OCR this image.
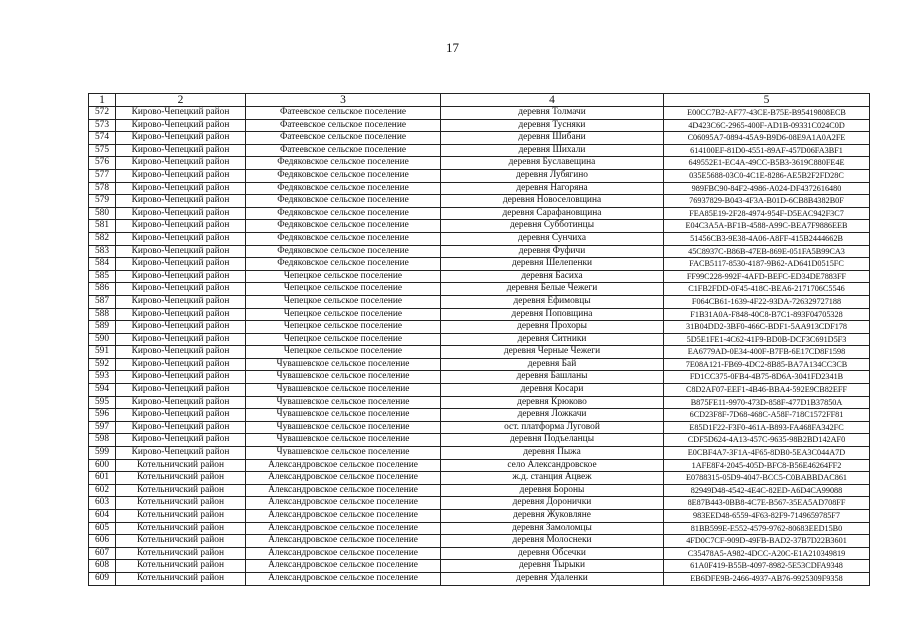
17
1	2	3	4	5
572	Кирово-Чепецкий район	Фатеевское сельское поселение	деревня Толмачи	E00CC7B2-AF77-43CE-B75E-B95419808ECB
573	Кирово-Чепецкий район	Фатеевское сельское поселение	деревня Тусняки	4D423C6C-2965-400F-AD1B-09331C024C0D
574	Кирово-Чепецкий район	Фатеевское сельское поселение	деревня Шибани	C06095A7-0894-45A9-B9D6-08E9A1A0A2FE
575	Кирово-Чепецкий район	Фатеевское сельское поселение	деревня Шихали	614100EF-81D0-4551-89AF-457D06FA3BF1
576	Кирово-Чепецкий район	Федяковское сельское поселение	деревня Буславещина	649552E1-EC4A-49CC-B5B3-3619C880FE4E
577	Кирово-Чепецкий район	Федяковское сельское поселение	деревня Лубягино	035E5688-03C0-4C1E-8286-AE5B2F2FD28C
578	Кирово-Чепецкий район	Федяковское сельское поселение	деревня Нагоряна	989FBC90-84F2-4986-A024-DF4372616480
579	Кирово-Чепецкий район	Федяковское сельское поселение	деревня Новоселовщина	76937829-B043-4F3A-B01D-6CB8B4382B0F
580	Кирово-Чепецкий район	Федяковское сельское поселение	деревня Сарафановщина	FEA85E19-2F28-4974-954F-D5EAC942F3C7
581	Кирово-Чепецкий район	Федяковское сельское поселение	деревня Субботинцы	E04C3A5A-BF1B-4588-A99C-BEA7F9886EEB
582	Кирово-Чепецкий район	Федяковское сельское поселение	деревня Сунчиха	51456CB3-9E38-4A06-A8FF-415B2444662B
583	Кирово-Чепецкий район	Федяковское сельское поселение	деревня Фуфичи	45C8937C-B86B-47EB-869E-051FA5B99CA3
584	Кирово-Чепецкий район	Федяковское сельское поселение	деревня Шелепенки	FACB5117-8530-4187-9B62-AD641D0515FC
585	Кирово-Чепецкий район	Чепецкое сельское поселение	деревня Басиха	FF99C228-992F-4AFD-BEFC-ED34DE7883FF
586	Кирово-Чепецкий район	Чепецкое сельское поселение	деревня Белые Чежеги	C1FB2FDD-0F45-418C-BEA6-2171706C5546
587	Кирово-Чепецкий район	Чепецкое сельское поселение	деревня Ефимовцы	F064CB61-1639-4F22-93DA-726329727188
588	Кирово-Чепецкий район	Чепецкое сельское поселение	деревня Поповщина	F1B31A0A-F848-40C8-B7C1-893F04705328
589	Кирово-Чепецкий район	Чепецкое сельское поселение	деревня Прохоры	31B04DD2-3BF0-466C-BDF1-5AA913CDF178
590	Кирово-Чепецкий район	Чепецкое сельское поселение	деревня Ситники	5D5E1FE1-4C62-41F9-BD0B-DCF3C691D5F3
591	Кирово-Чепецкий район	Чепецкое сельское поселение	деревня Черные Чежеги	EA6779AD-0E34-400F-B7FB-6E17CD8F1598
592	Кирово-Чепецкий район	Чувашевское сельское поселение	деревня Бай	7E08A121-FB69-4DC2-8B85-BA7A134CC3CB
593	Кирово-Чепецкий район	Чувашевское сельское поселение	деревня Башланы	FD1CC375-0FB4-4B75-8D6A-3041FD2341B
594	Кирово-Чепецкий район	Чувашевское сельское поселение	деревня Косари	C8D2AF07-EEF1-4B46-BBA4-592E9CB82EFF
595	Кирово-Чепецкий район	Чувашевское сельское поселение	деревня Крюково	B875FE11-9970-473D-858F-477D1B37850A
596	Кирово-Чепецкий район	Чувашевское сельское поселение	деревня Ложкачи	6CD23F8F-7D68-468C-A58F-718C1572FF81
597	Кирово-Чепецкий район	Чувашевское сельское поселение	ост. платформа Луговой	E85D1F22-F3F0-461A-B893-FA468FA342FC
598	Кирово-Чепецкий район	Чувашевское сельское поселение	деревня Подъеланцы	CDF5D624-4A13-457C-9635-98B2BD142AF0
599	Кирово-Чепецкий район	Чувашевское сельское поселение	деревня Пыжа	E0CBF4A7-3F1A-4F65-8DB0-5EA3C044A7D
600	Котельничский район	Александровское сельское поселение	село Александровское	1AFE8F4-2045-405D-BFC8-B56E46264FF2
601	Котельничский район	Александровское сельское поселение	ж.д. станция Ацвеж	E0788315-05D9-4047-BCC5-C0BABBDAC861
602	Котельничский район	Александровское сельское поселение	деревня Бороны	82949D48-4542-4E4C-82ED-A6D4CA99088
603	Котельничский район	Александровское сельское поселение	деревня Доронички	8E87B443-0BB8-4C7E-B567-35EA5AD708FF
604	Котельничский район	Александровское сельское поселение	деревня Жуковляне	983EED48-6559-4F63-82F9-7149659785F7
605	Котельничский район	Александровское сельское поселение	деревня Замоломцы	81BB599E-E552-4579-9762-80683EED15B0
606	Котельничский район	Александровское сельское поселение	деревня Молоснеки	4FD0C7CF-909D-49FB-BAD2-37B7D22B3601
607	Котельничский район	Александровское сельское поселение	деревня Обсечки	C35478A5-A982-4DCC-A20C-E1A210349819
608	Котельничский район	Александровское сельское поселение	деревня Тырыки	61A0F419-B55B-4097-8982-5E53CDFA9348
609	Котельничский район	Александровское сельское поселение	деревня Удаленки	EB6DFE9B-2466-4937-AB76-9925309F9358
